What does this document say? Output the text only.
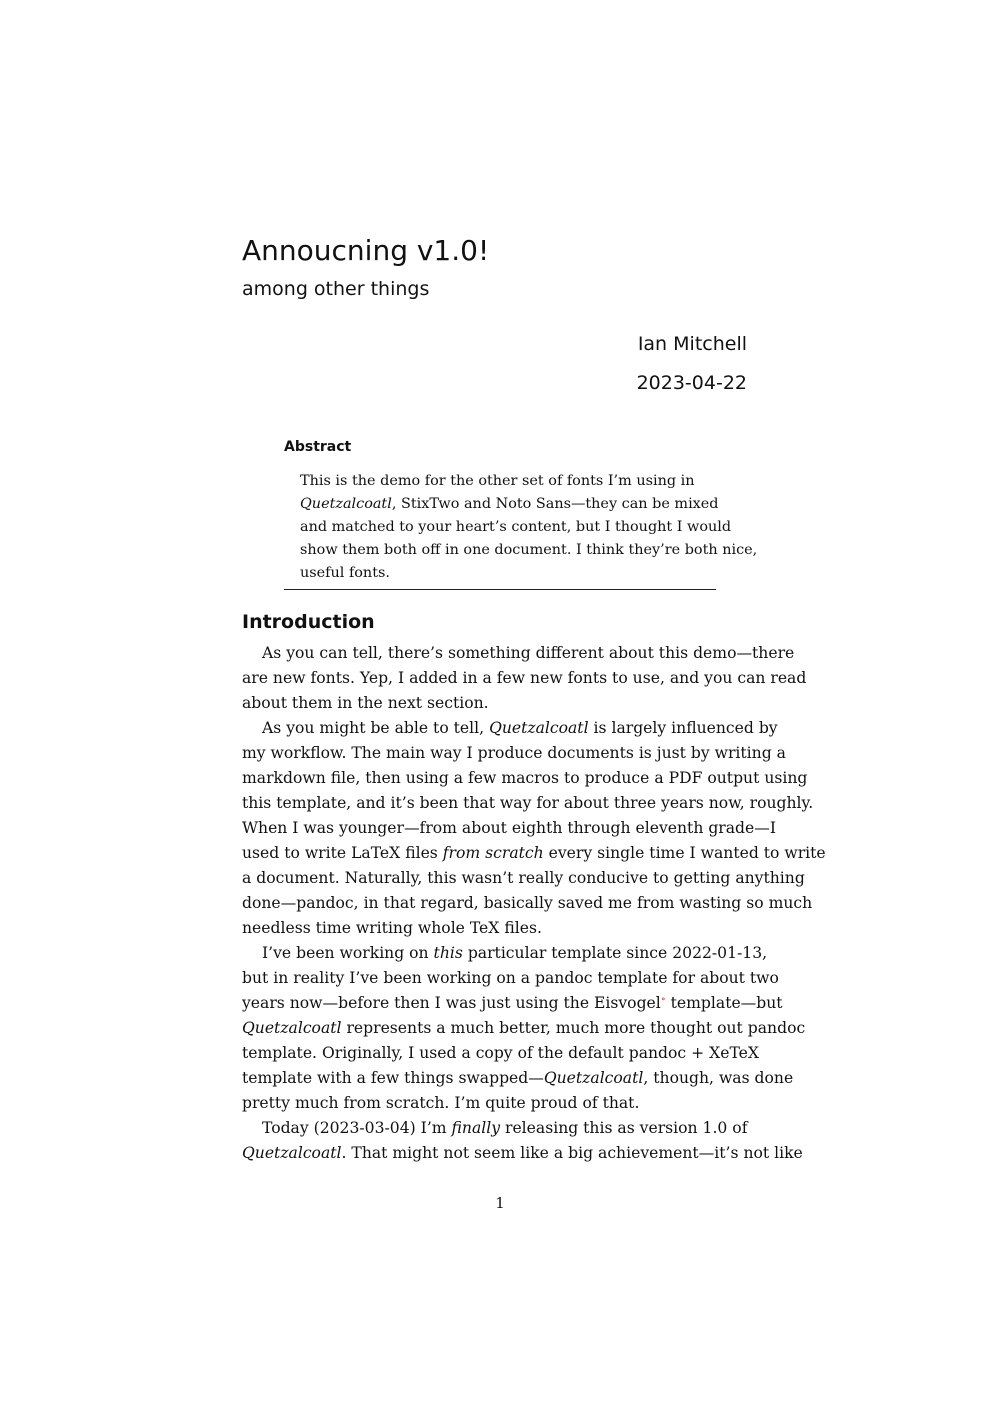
Annoucning v1.0!
among other things
Ian Mitchell
2023-04-22
Abstract
This is the demo for the other set of fonts I’m using in
Quetzalcoatl, StixTwo and Noto Sans—they can be mixed
and matched to your heart’s content, but I thought I would
show them both off in one document. I think they’re both nice,
useful fonts.
Introduction
As you can tell, there’s something different about this demo—there
are new fonts. Yep, I added in a few new fonts to use, and you can read
about them in the next section.
As you might be able to tell, Quetzalcoatl is largely influenced by
my workflow. The main way I produce documents is just by writing a
markdown file, then using a few macros to produce a PDF output using
this template, and it’s been that way for about three years now, roughly.
When I was younger—from about eighth through eleventh grade—I
used to write LaTeX files from scratch every single time I wanted to write
a document. Naturally, this wasn’t really conducive to getting anything
done—pandoc, in that regard, basically saved me from wasting so much
needless time writing whole TeX files.
I’ve been working on this particular template since 2022-01-13,
but in reality I’ve been working on a pandoc template for about two
years now—before then I was just using the Eisvogel∘ template—but
Quetzalcoatl represents a much better, much more thought out pandoc
template. Originally, I used a copy of the default pandoc + XeTeX
template with a few things swapped—Quetzalcoatl, though, was done
pretty much from scratch. I’m quite proud of that.
Today (2023-03-04) I’m finally releasing this as version 1.0 of
Quetzalcoatl. That might not seem like a big achievement—it’s not like
1
